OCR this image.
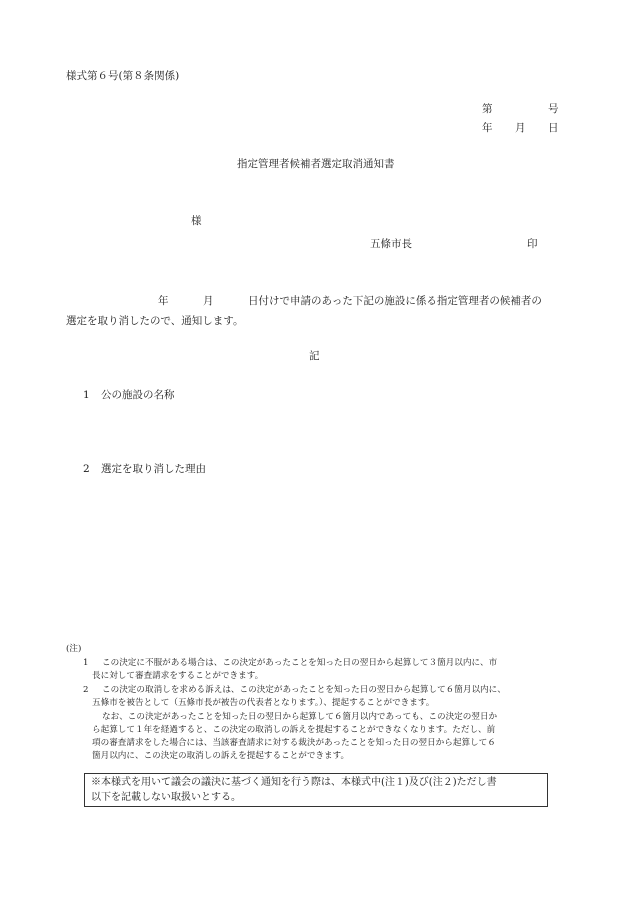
様式第６号(第８条関係)
第	号
年 月 日
指定管理者候補者選定取消通知書
様
五條市長	印
年	月	日付けで申請のあった下記の施設に係る指定管理者の候補者の
選定を取り消したので、通知します。
記
1 公の施設の名称
2 選定を取り消した理由
(注)
1 この決定に不服がある場合は、この決定があったことを知った日の翌日から起算して３箇月以内に、市
長に対して審査請求をすることができます。
2 この決定の取消しを求める訴えは、この決定があったことを知った日の翌日から起算して６箇月以内に、
五條市を被告として（五條市長が被告の代表者となります。）、提起することができます。
なお、この決定があったことを知った日の翌日から起算して６箇月以内であっても、この決定の翌日か
ら起算して１年を経過すると、この決定の取消しの訴えを提起することができなくなります。ただし、前
項の審査請求をした場合には、当該審査請求に対する裁決があったことを知った日の翌日から起算して６
箇月以内に、この決定の取消しの訴えを提起することができます。
※本様式を用いて議会の議決に基づく通知を行う際は、本様式中(注１)及び(注２)ただし書
以下を記載しない取扱いとする。
